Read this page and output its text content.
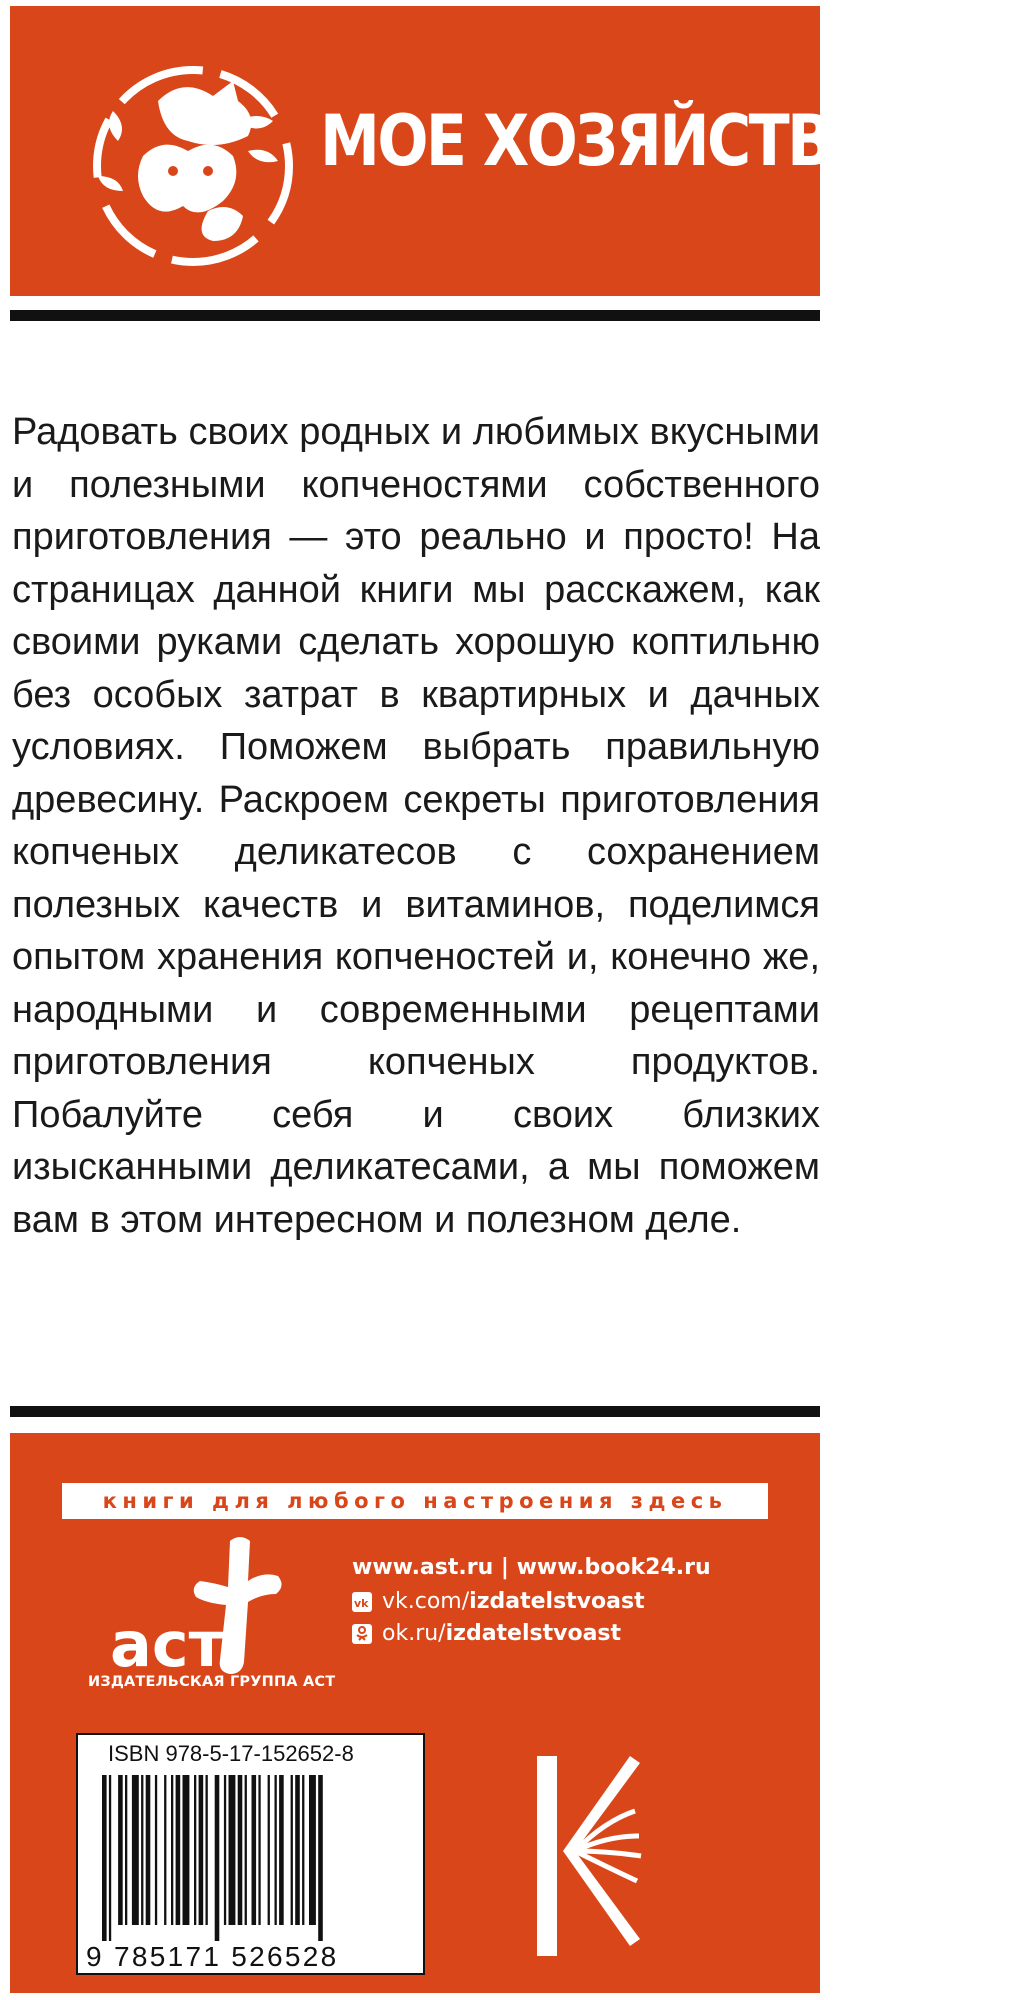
МОЕ ХОЗЯЙСТВО

Радовать своих родных и любимых вкусными и полезными копченостями собственного приготовления — это реально и просто! На страницах данной книги мы расскажем, как своими руками сделать хорошую коптильню без особых затрат в квартирных и дачных условиях. Поможем выбрать правильную древесину. Раскроем секреты приготовления копченых деликатесов с сохранением полезных качеств и витаминов, поделимся опытом хранения копченостей и, конечно же, народными и современными рецептами приготовления копченых продуктов. Побалуйте себя и своих близких изысканными деликатесами, а мы поможем вам в этом интересном и полезном деле.

книги для любого настроения здесь
аст
ИЗДАТЕЛЬСКАЯ ГРУППА АСТ
www.ast.ru | www.book24.ru
vk vk.com/ izdatelstvoast
ok.ru/ izdatelstvoast
ISBN 978-5-17-152652-8
9 785171 526528
